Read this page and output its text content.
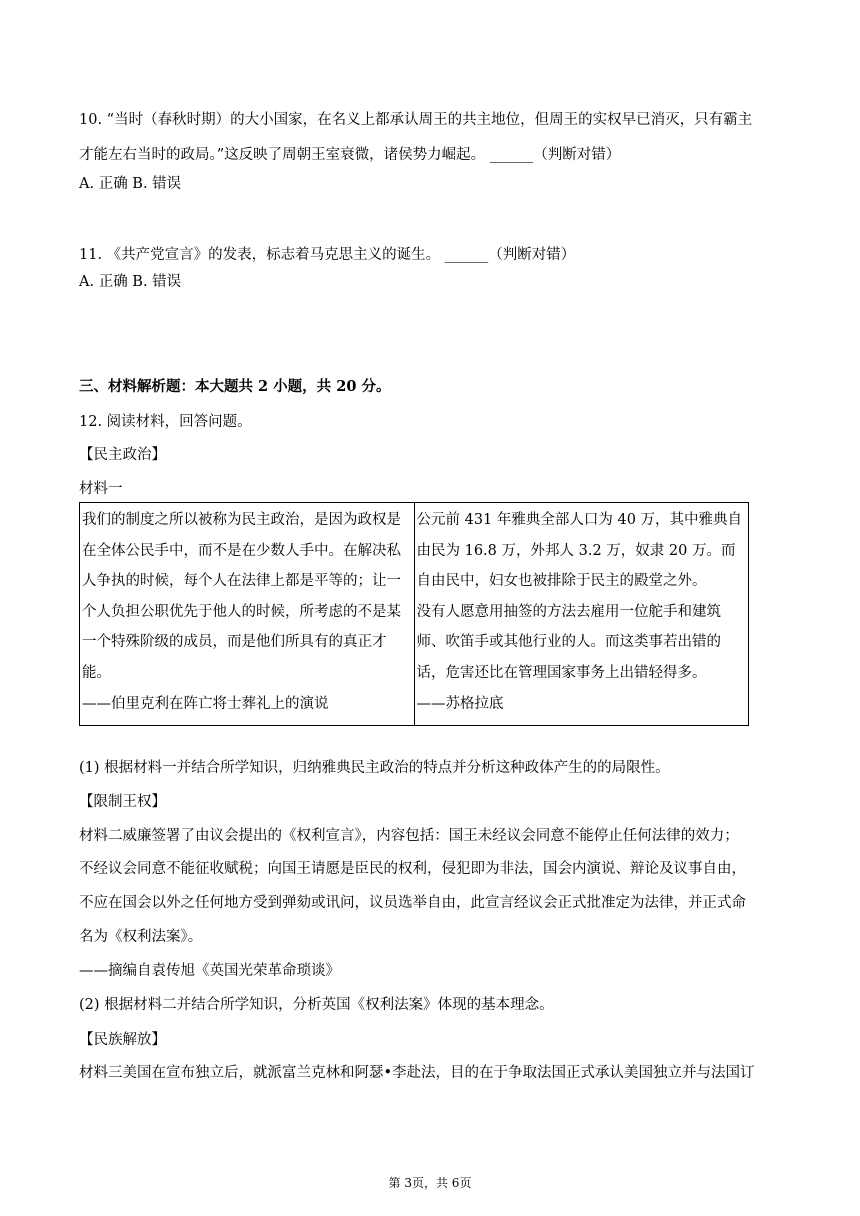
10. “当时（春秋时期）的大小国家，在名义上都承认周王的共主地位，但周王的实权早已消灭，只有霸主
才能左右当时的政局。”这反映了周朝王室衰微，诸侯势力崛起。 ______（判断对错）
A. 正确 B. 错误
11. 《共产党宣言》的发表，标志着马克思主义的诞生。 ______（判断对错）
A. 正确 B. 错误
三、材料解析题：本大题共 2 小题，共 20 分。
12. 阅读材料，回答问题。
【民主政治】
材料一
我们的制度之所以被称为民主政治，是因为政权是在全体公民手中，而不是在少数人手中。在解决私人争执的时候，每个人在法律上都是平等的；让一个人负担公职优先于他人的时候，所考虑的不是某一个特殊阶级的成员，而是他们所具有的真正才能。
——伯里克利在阵亡将士葬礼上的演说

公元前 431 年雅典全部人口为 40 万，其中雅典自由民为 16.8 万，外邦人 3.2 万，奴隶 20 万。而自由民中，妇女也被排除于民主的殿堂之外。
没有人愿意用抽签的方法去雇用一位舵手和建筑师、吹笛手或其他行业的人。而这类事若出错的话，危害还比在管理国家事务上出错轻得多。
——苏格拉底
(1) 根据材料一并结合所学知识，归纳雅典民主政治的特点并分析这种政体产生的的局限性。
【限制王权】
材料二威廉签署了由议会提出的《权利宣言》，内容包括：国王未经议会同意不能停止任何法律的效力；
不经议会同意不能征收赋税；向国王请愿是臣民的权利，侵犯即为非法，国会内演说、辩论及议事自由，
不应在国会以外之任何地方受到弹劾或讯问，议员选举自由，此宣言经议会正式批准定为法律，并正式命
名为《权利法案》。
——摘编自袁传旭《英国光荣革命琐谈》
(2) 根据材料二并结合所学知识，分析英国《权利法案》体现的基本理念。
【民族解放】
材料三美国在宣布独立后，就派富兰克林和阿瑟•李赴法，目的在于争取法国正式承认美国独立并与法国订
第 3页，共 6页
